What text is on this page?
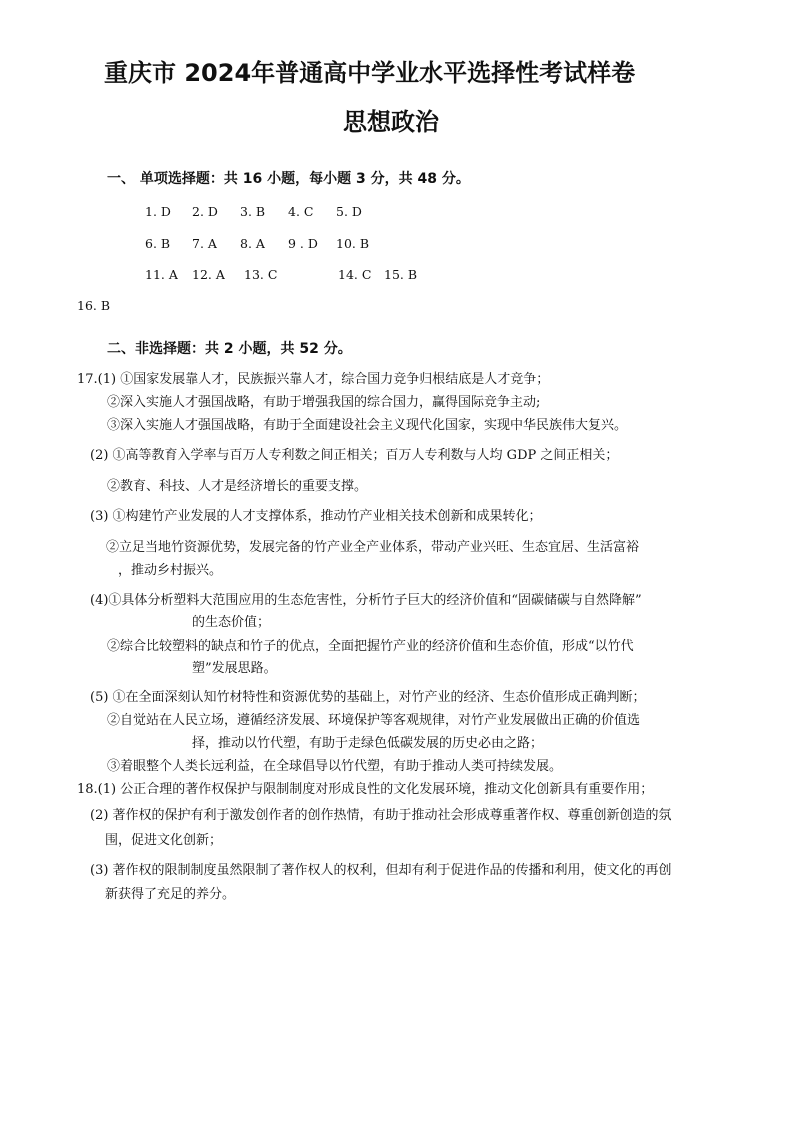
重庆市 2024年普通高中学业水平选择性考试样卷
思想政治
一、 单项选择题：共 16 小题，每小题 3 分，共 48 分。
1. D 2. D 3. B 4. C 5. D
6. B 7. A 8. A 9 . D 10. B
11. A 12. A 13. C	14. C 15. B
16. B
二、非选择题：共 2 小题，共 52 分。
17.(1) ①国家发展靠人才，民族振兴靠人才，综合国力竞争归根结底是人才竞争；
②深入实施人才强国战略，有助于增强我国的综合国力，赢得国际竞争主动;
③深入实施人才强国战略，有助于全面建设社会主义现代化国家，实现中华民族伟大复兴。
(2) ①高等教育入学率与百万人专利数之间正相关；百万人专利数与人均 GDP 之间正相关；
②教育、科技、人才是经济增长的重要支撑。
(3) ①构建竹产业发展的人才支撑体系，推动竹产业相关技术创新和成果转化；
②立足当地竹资源优势，发展完备的竹产业全产业体系，带动产业兴旺、生态宜居、生活富裕
，推动乡村振兴。
(4)①具体分析塑料大范围应用的生态危害性，分析竹子巨大的经济价值和“固碳储碳与自然降解”
的生态价值；
②综合比较塑料的缺点和竹子的优点，全面把握竹产业的经济价值和生态价值，形成“以竹代
塑”发展思路。
(5) ①在全面深刻认知竹材特性和资源优势的基础上，对竹产业的经济、生态价值形成正确判断；
②自觉站在人民立场，遵循经济发展、环境保护等客观规律，对竹产业发展做出正确的价值选
择，推动以竹代塑，有助于走绿色低碳发展的历史必由之路；
③着眼整个人类长远利益，在全球倡导以竹代塑，有助于推动人类可持续发展。
18.(1) 公正合理的著作权保护与限制制度对形成良性的文化发展环境，推动文化创新具有重要作用；
(2) 著作权的保护有利于激发创作者的创作热情，有助于推动社会形成尊重著作权、尊重创新创造的氛
围，促进文化创新；
(3) 著作权的限制制度虽然限制了著作权人的权利，但却有利于促进作品的传播和利用，使文化的再创
新获得了充足的养分。
